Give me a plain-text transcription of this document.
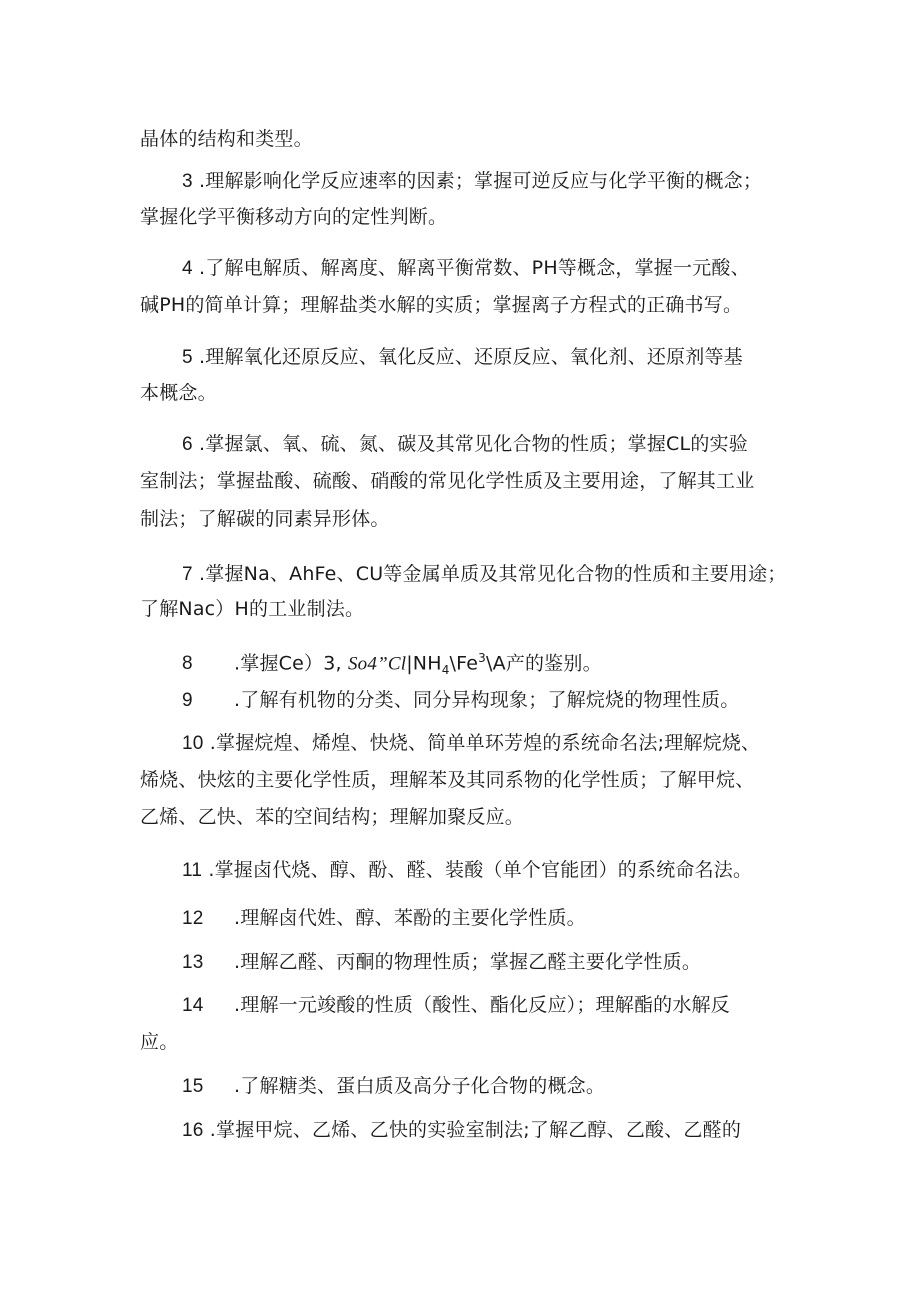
晶体的结构和类型。

3 .理解影响化学反应速率的因素；掌握可逆反应与化学平衡的概念；

掌握化学平衡移动方向的定性判断。

4 .了解电解质、解离度、解离平衡常数、PH等概念，掌握一元酸、

碱PH的简单计算；理解盐类水解的实质；掌握离子方程式的正确书写。

5 .理解氧化还原反应、氧化反应、还原反应、氧化剂、还原剂等基

本概念。

6 .掌握氯、氧、硫、氮、碳及其常见化合物的性质；掌握CL的实验

室制法；掌握盐酸、硫酸、硝酸的常见化学性质及主要用途，了解其工业

制法；了解碳的同素异形体。

7 .掌握Na、AhFe、CU等金属单质及其常见化合物的性质和主要用途；

了解Nac）H的工业制法。

8 .掌握Ce）3, $So4”Cl|NH_4\backslash Fe^3\backslash A$产的鉴别。

9 .了解有机物的分类、同分异构现象；了解烷烧的物理性质。

10 .掌握烷煌、烯煌、快烧、简单单环芳煌的系统命名法;理解烷烧、

烯烧、快炫的主要化学性质，理解苯及其同系物的化学性质；了解甲烷、

乙烯、乙快、苯的空间结构；理解加聚反应。

11 .掌握卤代烧、醇、酚、醛、装酸（单个官能团）的系统命名法。

12 .理解卤代姓、醇、苯酚的主要化学性质。

13 .理解乙醛、丙酮的物理性质；掌握乙醛主要化学性质。

14 .理解一元竣酸的性质（酸性、酯化反应）；理解酯的水解反

应。

15 .了解糖类、蛋白质及高分子化合物的概念。

16 .掌握甲烷、乙烯、乙快的实验室制法;了解乙醇、乙酸、乙醛的
